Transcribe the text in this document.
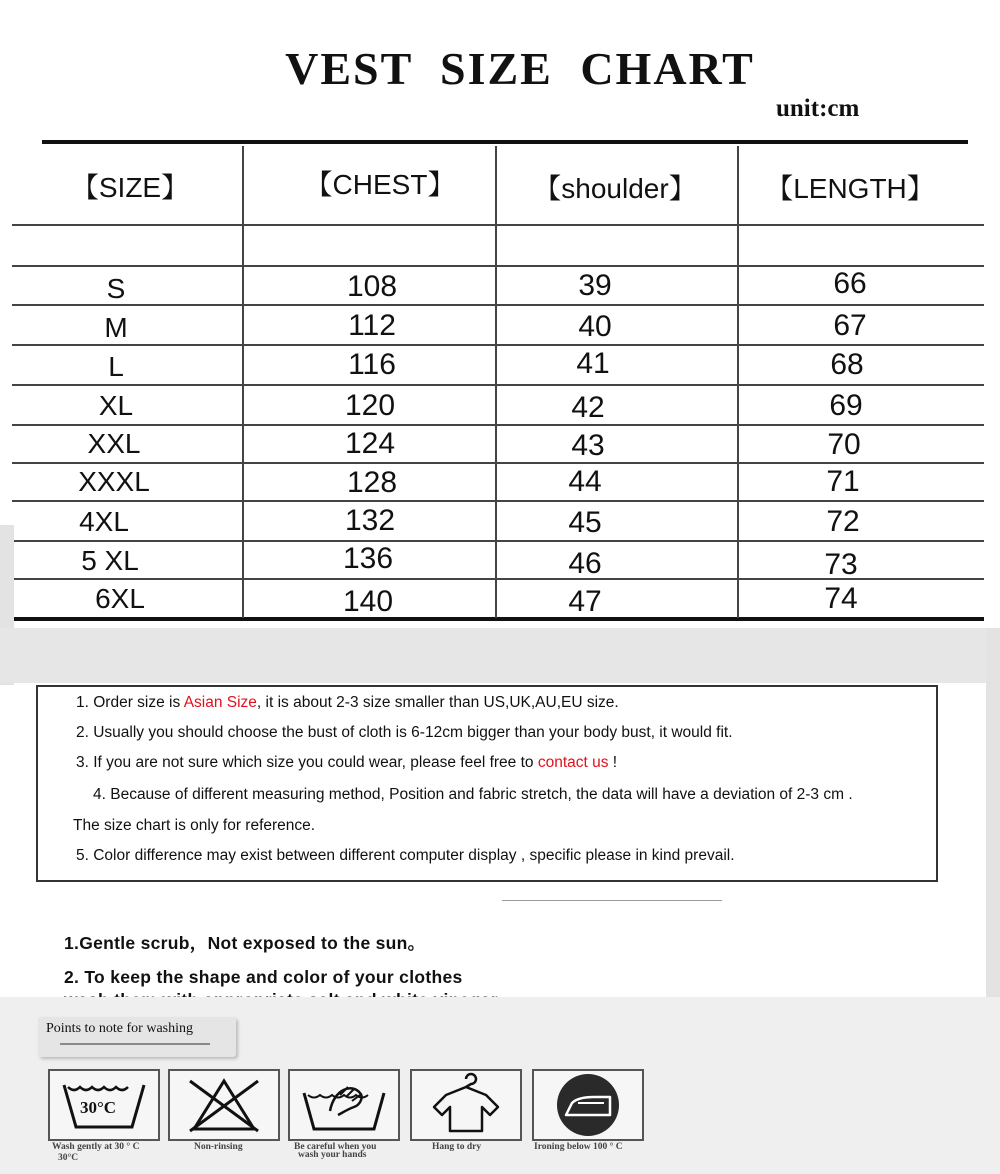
VEST SIZE CHART
unit:cm
【SIZE】	【CHEST】	【shoulder】	【LENGTH】
S	108	39	66
M	112	40	67
L	116	41	68
XL	120	42	69
XXL	124	43	70
XXXL	128	44	71
4XL	132	45	72
5 XL	136	46	73
6XL	140	47	74
1. Order size is Asian Size, it is about 2-3 size smaller than US,UK,AU,EU size.
2. Usually you should choose the bust of cloth is 6-12cm bigger than your body bust, it would fit.
3. If you are not sure which size you could wear, please feel free to contact us !
4. Because of different measuring method, Position and fabric stretch, the data will have a deviation of 2-3 cm .
The size chart is only for reference.
5. Color difference may exist between different computer display , specific please in kind prevail.
1.Gentle scrub，Not exposed to the sun。
2. To keep the shape and color of your clothes
Points to note for washing
30°C
Wash gently at 30 ° C
30°C
Non-rinsing	Be careful when you
wash your hands
Hang to dry	Ironing below 100 ° C
